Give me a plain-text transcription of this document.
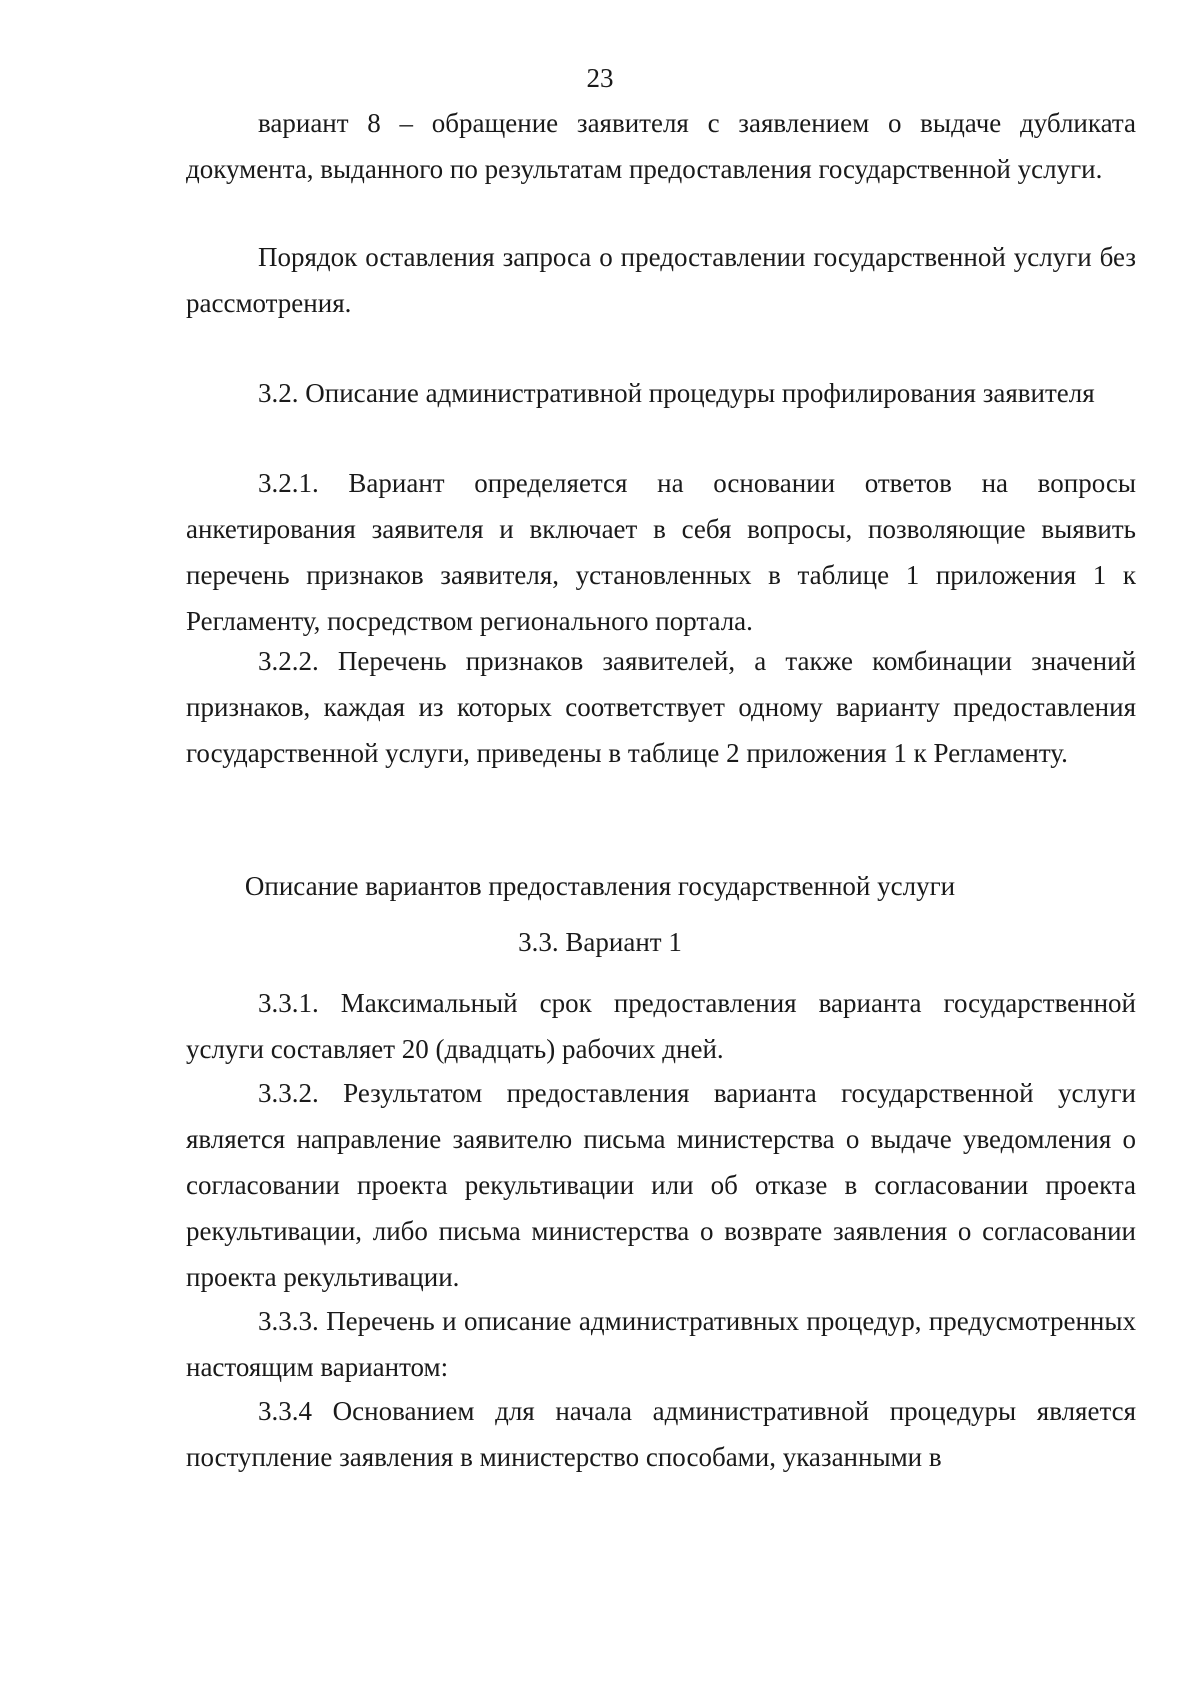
23

вариант 8 – обращение заявителя с заявлением о выдаче дубликата документа, выданного по результатам предоставления государственной услуги.

Порядок оставления запроса о предоставлении государственной услуги без рассмотрения.

3.2. Описание административной процедуры профилирования заявителя

3.2.1. Вариант определяется на основании ответов на вопросы анкетирования заявителя и включает в себя вопросы, позволяющие выявить перечень признаков заявителя, установленных в таблице 1 приложения 1 к Регламенту, посредством регионального портала.

3.2.2. Перечень признаков заявителей, а также комбинации значений признаков, каждая из которых соответствует одному варианту предоставления государственной услуги, приведены в таблице 2 приложения 1 к Регламенту.

Описание вариантов предоставления государственной услуги

3.3. Вариант 1

3.3.1. Максимальный срок предоставления варианта государственной услуги составляет 20 (двадцать) рабочих дней.

3.3.2. Результатом предоставления варианта государственной услуги является направление заявителю письма министерства о выдаче уведомления о согласовании проекта рекультивации или об отказе в согласовании проекта рекультивации, либо письма министерства о возврате заявления о согласовании проекта рекультивации.

3.3.3. Перечень и описание административных процедур, предусмотренных настоящим вариантом:

3.3.4 Основанием для начала административной процедуры является поступление заявления в министерство способами, указанными в
